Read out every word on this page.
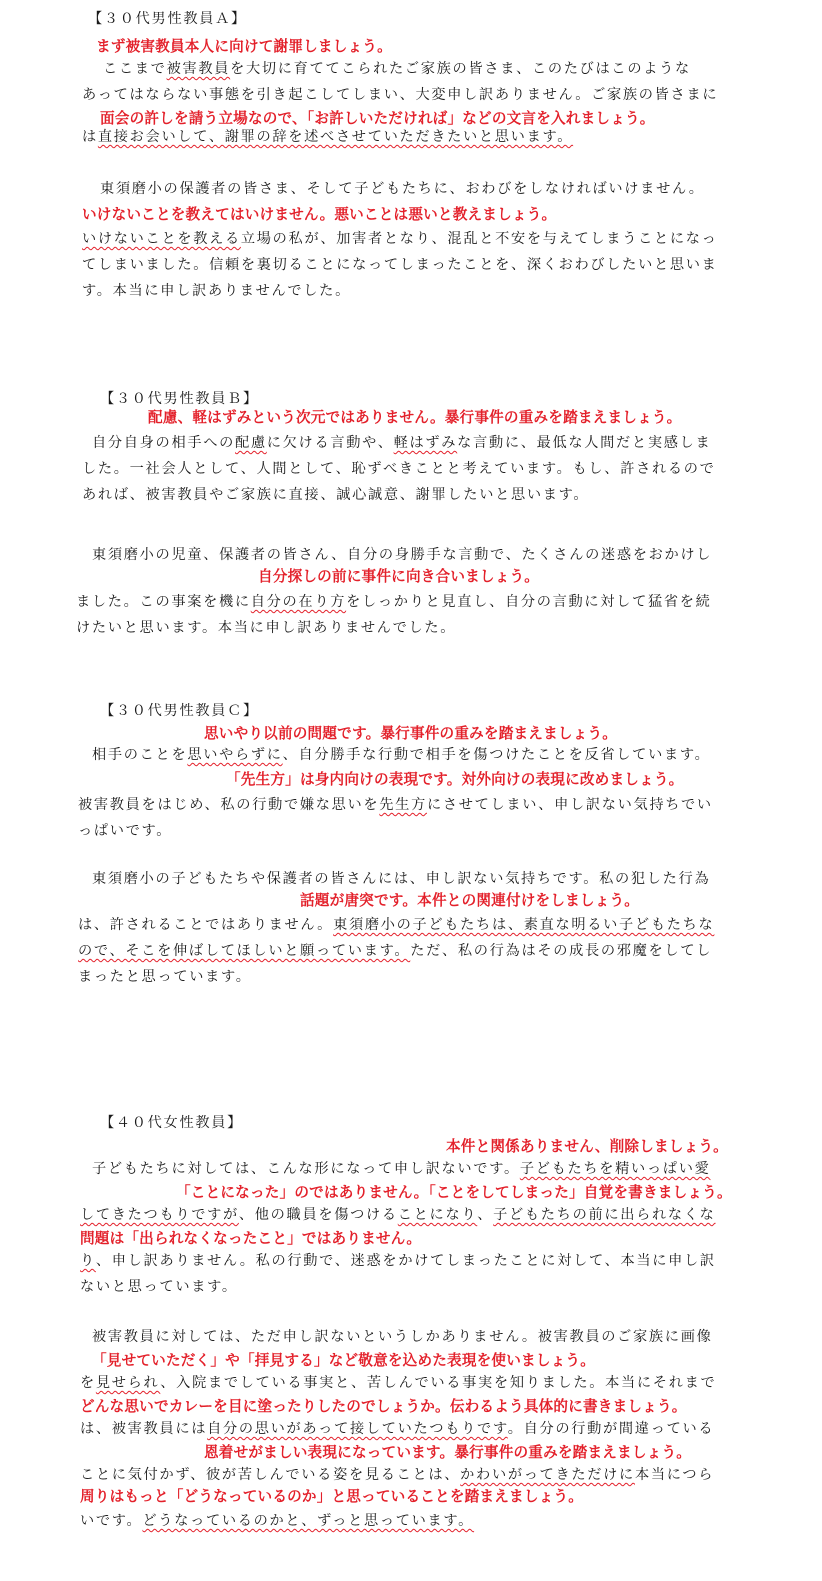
【３０代男性教員Ａ】
まず被害教員本人に向けて謝罪しましょう。
ここまで被害教員を大切に育ててこられたご家族の皆さま、このたびはこのような
あってはならない事態を引き起こしてしまい、大変申し訳ありません。ご家族の皆さまに
面会の許しを請う立場なので、「お許しいただければ」などの文言を入れましょう。
は直接お会いして、謝罪の辞を述べさせていただきたいと思います。
東須磨小の保護者の皆さま、そして子どもたちに、おわびをしなければいけません。
いけないことを教えてはいけません。悪いことは悪いと教えましょう。
いけないことを教える立場の私が、加害者となり、混乱と不安を与えてしまうことになっ
てしまいました。信頼を裏切ることになってしまったことを、深くおわびしたいと思いま
す。本当に申し訳ありませんでした。
【３０代男性教員Ｂ】
配慮、軽はずみという次元ではありません。暴行事件の重みを踏まえましょう。
自分自身の相手への配慮に欠ける言動や、軽はずみな言動に、最低な人間だと実感しま
した。一社会人として、人間として、恥ずべきことと考えています。もし、許されるので
あれば、被害教員やご家族に直接、誠心誠意、謝罪したいと思います。
東須磨小の児童、保護者の皆さん、自分の身勝手な言動で、たくさんの迷惑をおかけし
自分探しの前に事件に向き合いましょう。
ました。この事案を機に自分の在り方をしっかりと見直し、自分の言動に対して猛省を続
けたいと思います。本当に申し訳ありませんでした。
【３０代男性教員Ｃ】
思いやり以前の問題です。暴行事件の重みを踏まえましょう。
相手のことを思いやらずに、自分勝手な行動で相手を傷つけたことを反省しています。
「先生方」は身内向けの表現です。対外向けの表現に改めましょう。
被害教員をはじめ、私の行動で嫌な思いを先生方にさせてしまい、申し訳ない気持ちでい
っぱいです。
東須磨小の子どもたちや保護者の皆さんには、申し訳ない気持ちです。私の犯した行為
話題が唐突です。本件との関連付けをしましょう。
は、許されることではありません。東須磨小の子どもたちは、素直な明るい子どもたちな
ので、そこを伸ばしてほしいと願っています。ただ、私の行為はその成長の邪魔をしてし
まったと思っています。
【４０代女性教員】
本件と関係ありません、削除しましょう。
子どもたちに対しては、こんな形になって申し訳ないです。子どもたちを精いっぱい愛
「ことになった」のではありません。「ことをしてしまった」自覚を書きましょう。
してきたつもりですが、他の職員を傷つけることになり、子どもたちの前に出られなくな
問題は「出られなくなったこと」ではありません。
り、申し訳ありません。私の行動で、迷惑をかけてしまったことに対して、本当に申し訳
ないと思っています。
被害教員に対しては、ただ申し訳ないというしかありません。被害教員のご家族に画像
「見せていただく」や「拝見する」など敬意を込めた表現を使いましょう。
を見せられ、入院までしている事実と、苦しんでいる事実を知りました。本当にそれまで
どんな思いでカレーを目に塗ったりしたのでしょうか。伝わるよう具体的に書きましょう。
は、被害教員には自分の思いがあって接していたつもりです。自分の行動が間違っている
恩着せがましい表現になっています。暴行事件の重みを踏まえましょう。
ことに気付かず、彼が苦しんでいる姿を見ることは、かわいがってきただけに本当につら
周りはもっと「どうなっているのか」と思っていることを踏まえましょう。
いです。どうなっているのかと、ずっと思っています。
